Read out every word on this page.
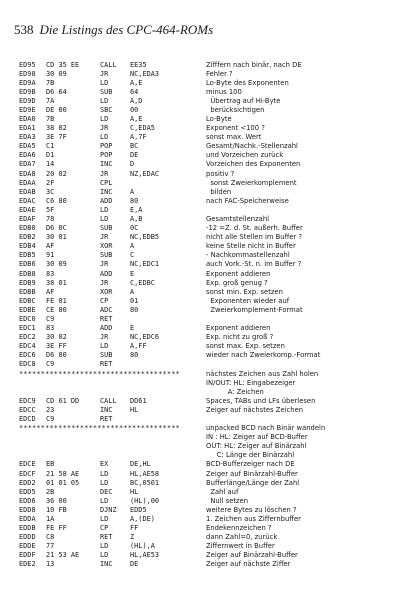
538 Die Listings des CPC-464-ROMs
ED95 CD 35 EE	CALL EE35	Zifffern nach binär, nach DE
ED98 30 09	JR	NC,EDA3	Fehler ?
ED9A 7B	LD	A,E	Lo-Byte des Exponenten
ED9B D6 64	SUB	64	minus 100
ED9D 7A	LD	A,D	Übertrag auf Hi-Byte
ED9E DE 00	SBC	00	berücksichtigen
EDA0 7B	LD	A,E	Lo-Byte
EDA1 38 02	JR	C,EDA5	Exponent <100 ?
EDA3 3E 7F	LD	A,7F	sonst max. Wert
EDA5 C1	POP	BC	Gesamt/Nachk.-Stellenzahl
EDA6 D1	POP	DE	und Vorzeichen zurück
EDA7 14	INC	D	Vorzeichen des Exponenten
EDA8 20 02	JR	NZ,EDAC	positiv ?
EDAA 2F	CPL	sonst Zweierkomplement
EDAB 3C	INC	A	bilden
EDAC C6 80	ADD	80	nach FAC-Speicherweise
EDAE 5F	LD	E,A
EDAF 78	LD	A,B	Gesamtstellenzahl
EDB0 D6 0C	SUB	0C	-12 =Z. d. St. außerh. Buffer
EDB2 30 01	JR	NC,EDB5	nicht alle Stellen im Buffer ?
EDB4 AF	XOR	A	keine Stelle nicht in Buffer
EDB5 91	SUB	C	- Nachkommastellenzahl
EDB6 30 09	JR	NC,EDC1	auch Vork.-St. n. im Buffer ?
EDB8 83	ADD	E	Exponent addieren
EDB9 38 01	JR	C,EDBC	Exp. groß genug ?
EDBB AF	XOR	A	sonst min. Exp. setzen
EDBC FE 01	CP	01	Exponenten wieder auf
EDBE CE 80	ADC	80	Zweierkomplement-Format
EDC0 C9	RET
EDC1 83	ADD	E	Exponent addieren
EDC2 30 02	JR	NC,EDC6	Exp. nicht zu groß ?
EDC4 3E FF	LD	A,FF	sonst max. Exp. setzen
EDC6 D6 80	SUB	80	wieder nach Zweierkomp.-Format
EDC8 C9	RET
*************************************	nächstes Zeichen aus Zahl holen
IN/OUT: HL: Eingabezeiger
A: Zeichen
EDC9 CD 61 DD	CALL DD61	Spaces, TABs und LFs überlesen
EDCC 23	INC	HL	Zeiger auf nächstes Zeichen
EDCD C9	RET
*************************************	unpacked BCD nach Binär wandeln
IN : HL: Zeiger auf BCD-Buffer
OUT: HL: Zeiger auf Binärzahl
C: Länge der Binärzahl
EDCE EB	EX	DE,HL	BCD-Bufferzeiger nach DE
EDCF 21 58 AE	LD	HL,AE58	Zeiger auf Binärzahl-Buffer
EDD2 01 01 05	LD	BC,0501	Bufferlänge/Länge der Zahl
EDD5 2B	DEC	HL	Zahl auf
EDD6 36 00	LD	(HL),00	Null setzen
EDD8 10 FB	DJNZ EDD5	weitere Bytes zu löschen ?
EDDA 1A	LD	A,(DE)	1. Zeichen aus Ziffernbuffer
EDDB FE FF	CP	FF	Endekennzeichen ?
EDDD C8	RET	Z	dann Zahl=0, zurück
EDDE 77	LD	(HL),A	Ziffernwert in Buffer
EDDF 21 53 AE	LD	HL,AE53	Zeiger auf Binärzahl-Buffer
EDE2 13	INC	DE	Zeiger auf nächste Ziffer
